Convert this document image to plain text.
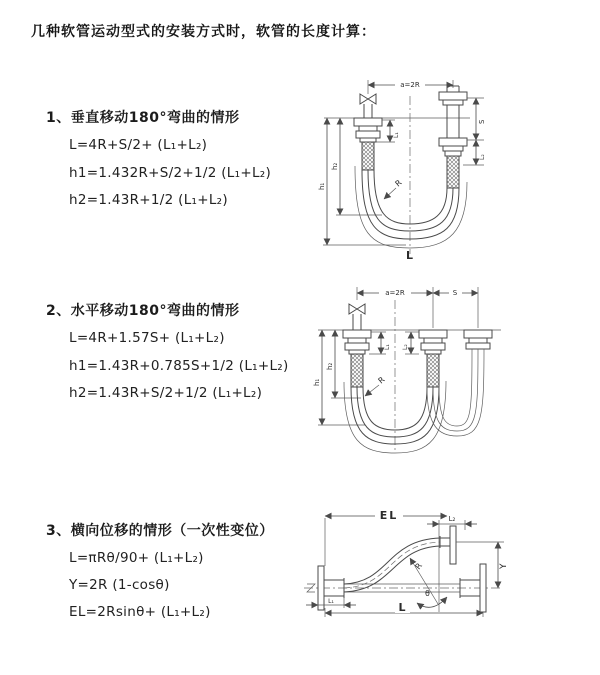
几种软管运动型式的安装方式时，软管的长度计算：
1、垂直移动180°弯曲的情形
L=4R+S/2+ (L₁+L₂)
h1=1.432R+S/2+1/2 (L₁+L₂)
h2=1.43R+1/2 (L₁+L₂)
2、水平移动180°弯曲的情形
L=4R+1.57S+ (L₁+L₂)
h1=1.43R+0.785S+1/2 (L₁+L₂)
h2=1.43R+S/2+1/2 (L₁+L₂)
3、横向位移的情形（一次性变位）
L=πRθ/90+ (L₁+L₂)
Y=2R (1-cosθ)
EL=2Rsinθ+ (L₁+L₂)
a=2R
h₁
h₂
S
L₂
L₁
R
L
a=2R	S
h₁
h₂
L₁ L₂
R
EL	L₂
Y
R
θ
L
L₁
